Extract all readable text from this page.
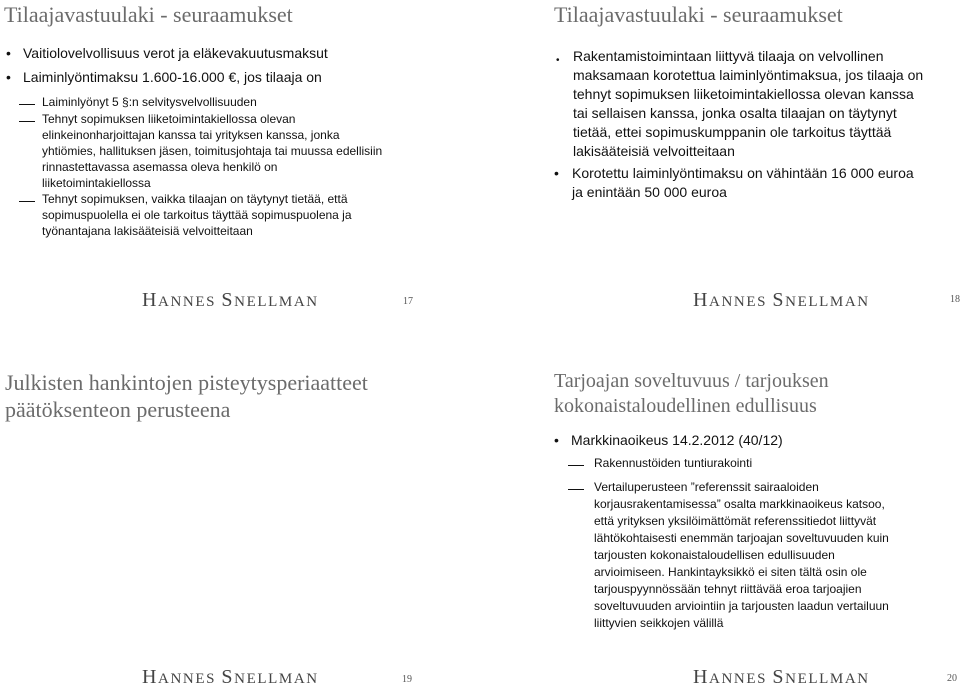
Tilaajavastuulaki - seuraamukset
• Vaitiolovelvollisuus verot ja eläkevakuutusmaksut
• Laiminlyöntimaksu 1.600-16.000 €, jos tilaaja on
Laiminlyönyt 5 §:n selvitysvelvollisuuden
Tehnyt sopimuksen liiketoimintakiellossa olevan
elinkeinonharjoittajan kanssa tai yrityksen kanssa, jonka
yhtiömies, hallituksen jäsen, toimitusjohtaja tai muussa edellisiin
rinnastettavassa asemassa oleva henkilö on
liiketoimintakiellossa
Tehnyt sopimuksen, vaikka tilaajan on täytynyt tietää, että
sopimuspuolella ei ole tarkoitus täyttää sopimuspuolena ja
työnantajana lakisääteisiä velvoitteitaan
HANNES SNELLMAN	17
Tilaajavastuulaki - seuraamukset
• Rakentamistoimintaan liittyvä tilaaja on velvollinen
maksamaan korotettua laiminlyöntimaksua, jos tilaaja on
tehnyt sopimuksen liiketoimintakiellossa olevan kanssa
tai sellaisen kanssa, jonka osalta tilaajan on täytynyt
tietää, ettei sopimuskumppanin ole tarkoitus täyttää
lakisääteisiä velvoitteitaan
• Korotettu laiminlyöntimaksu on vähintään 16 000 euroa
ja enintään 50 000 euroa
HANNES SNELLMAN	18
Julkisten hankintojen pisteytysperiaatteet
päätöksenteon perusteena
HANNES SNELLMAN	19
Tarjoajan soveltuvuus / tarjouksen
kokonaistaloudellinen edullisuus
• Markkinaoikeus 14.2.2012 (40/12)
Rakennustöiden tuntiurakointi
Vertailuperusteen ”referenssit sairaaloiden
korjausrakentamisessa” osalta markkinaoikeus katsoo,
että yrityksen yksilöimättömät referenssitiedot liittyvät
lähtökohtaisesti enemmän tarjoajan soveltuvuuden kuin
tarjousten kokonaistaloudellisen edullisuuden
arvioimiseen. Hankintayksikkö ei siten tältä osin ole
tarjouspyynnössään tehnyt riittävää eroa tarjoajien
soveltuvuuden arviointiin ja tarjousten laadun vertailuun
liittyvien seikkojen välillä
HANNES SNELLMAN	20
